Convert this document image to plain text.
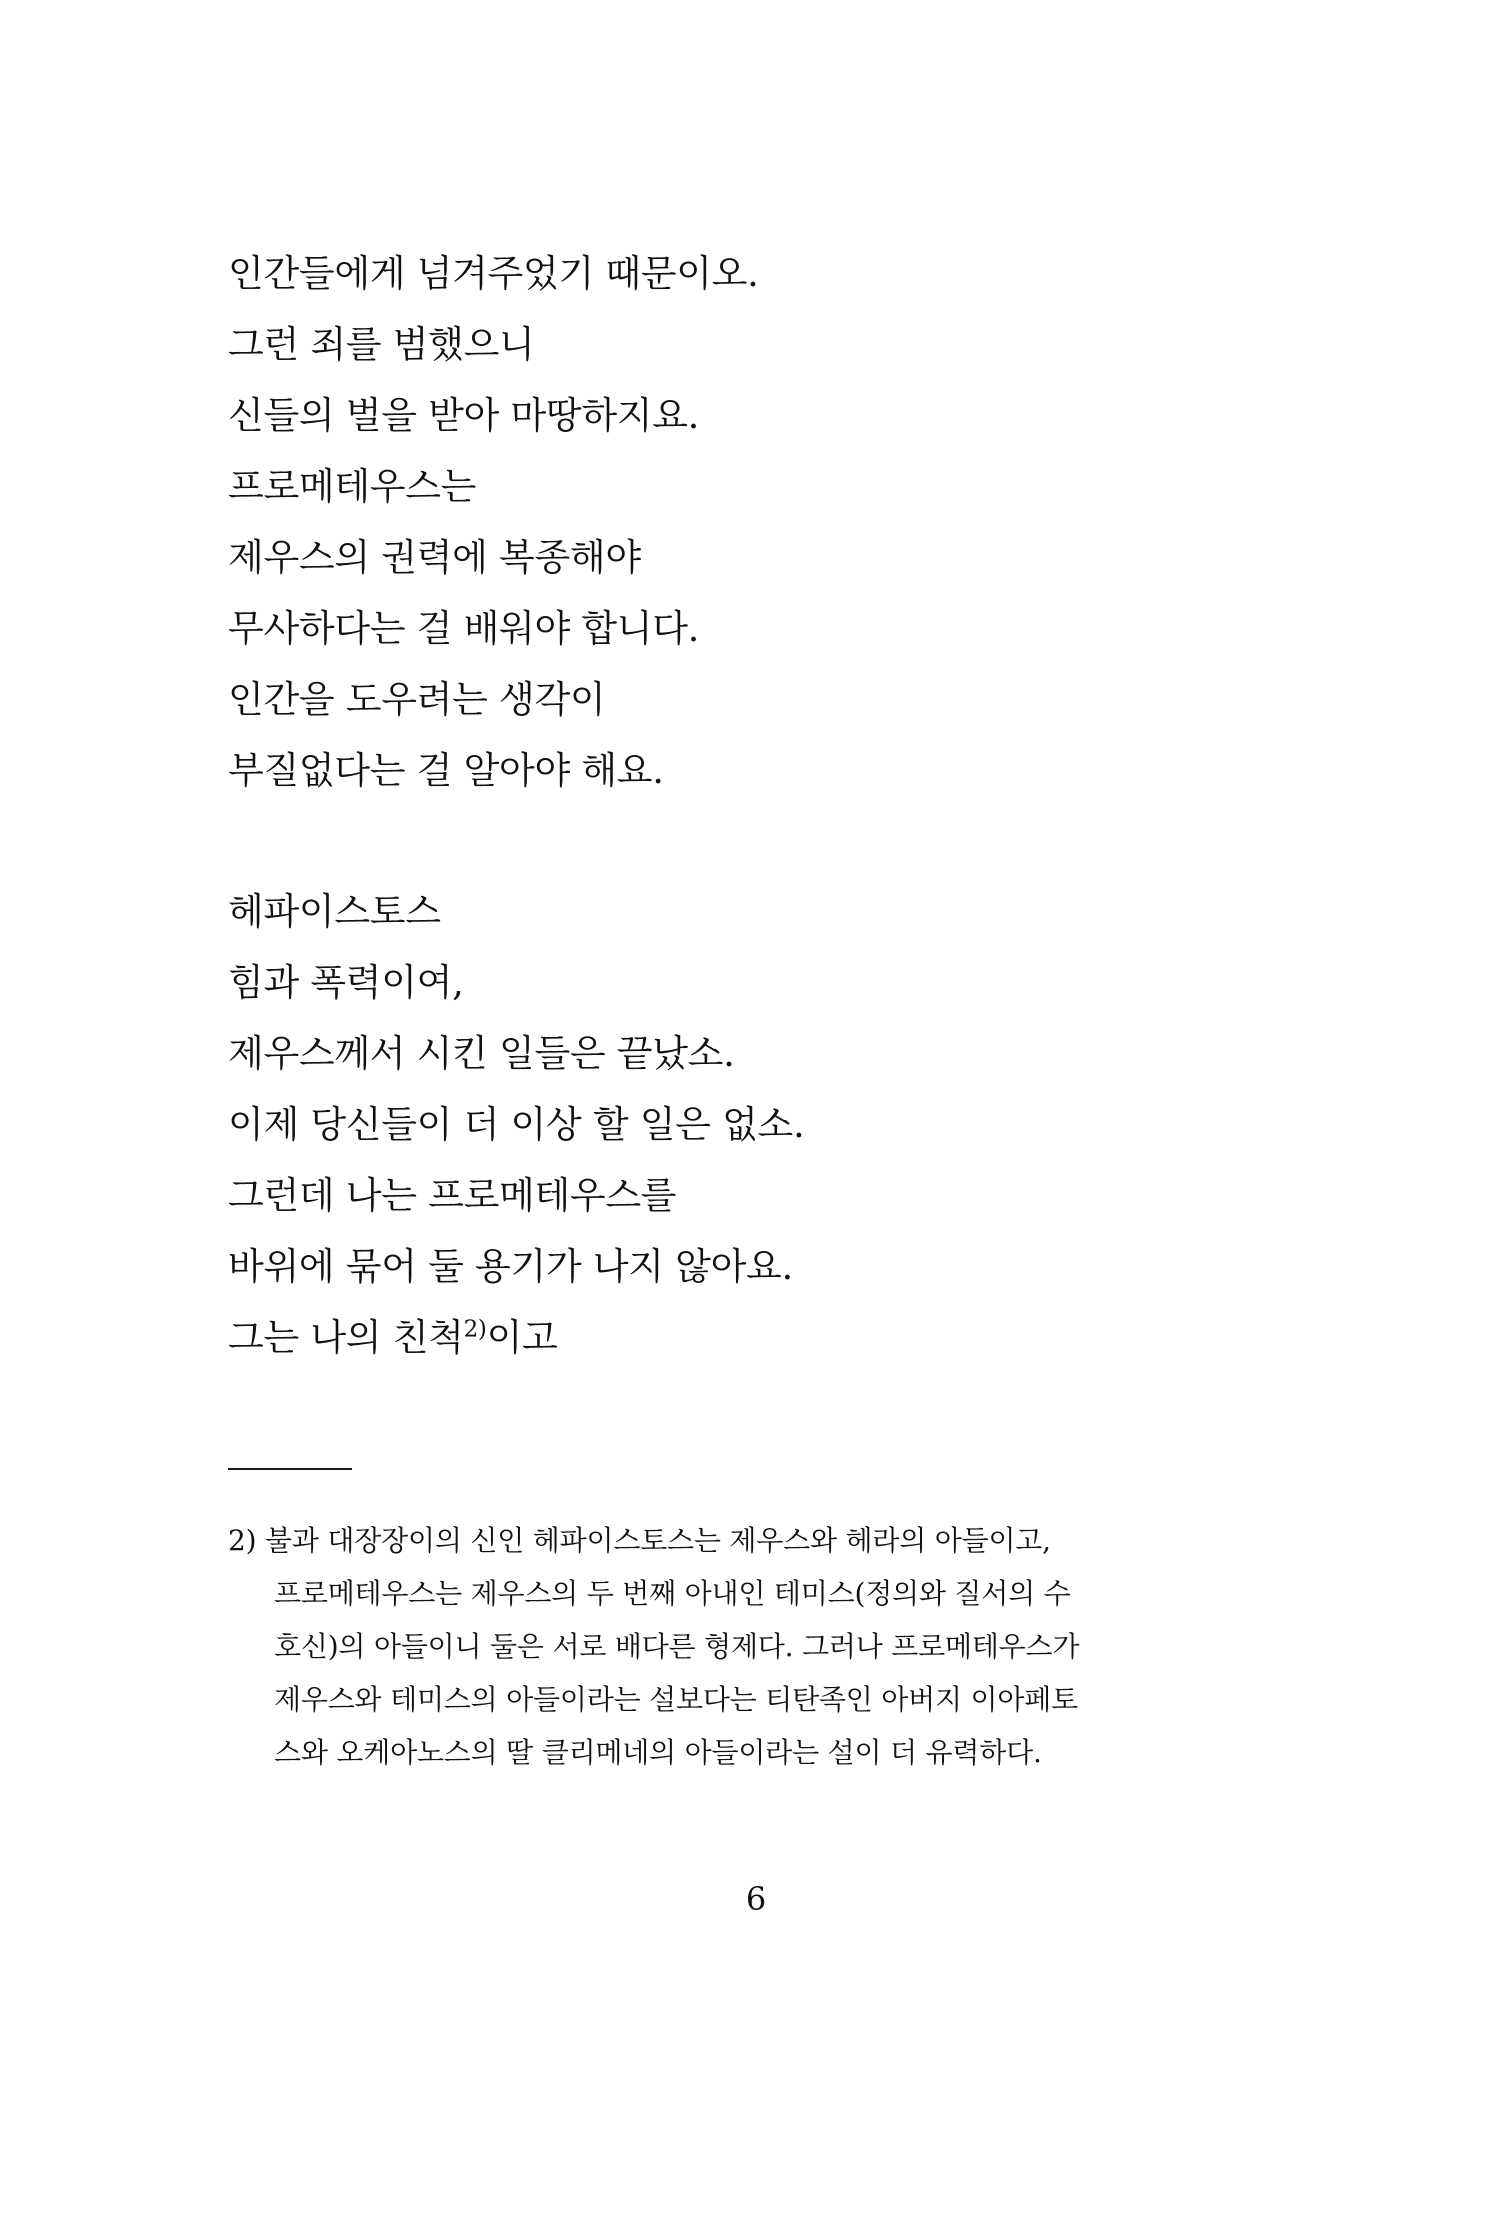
인간들에게 넘겨주었기 때문이오.
그런 죄를 범했으니
신들의 벌을 받아 마땅하지요.
프로메테우스는
제우스의 권력에 복종해야
무사하다는 걸 배워야 합니다.
인간을 도우려는 생각이
부질없다는 걸 알아야 해요.
헤파이스토스
힘과 폭력이여,
제우스께서 시킨 일들은 끝났소.
이제 당신들이 더 이상 할 일은 없소.
그런데 나는 프로메테우스를
바위에 묶어 둘 용기가 나지 않아요.
그는 나의 친척$^{2)}$이고
2) 불과 대장장이의 신인 헤파이스토스는 제우스와 헤라의 아들이고,
프로메테우스는 제우스의 두 번째 아내인 테미스(정의와 질서의 수
호신)의 아들이니 둘은 서로 배다른 형제다. 그러나 프로메테우스가
제우스와 테미스의 아들이라는 설보다는 티탄족인 아버지 이아페토
스와 오케아노스의 딸 클리메네의 아들이라는 설이 더 유력하다.
6
